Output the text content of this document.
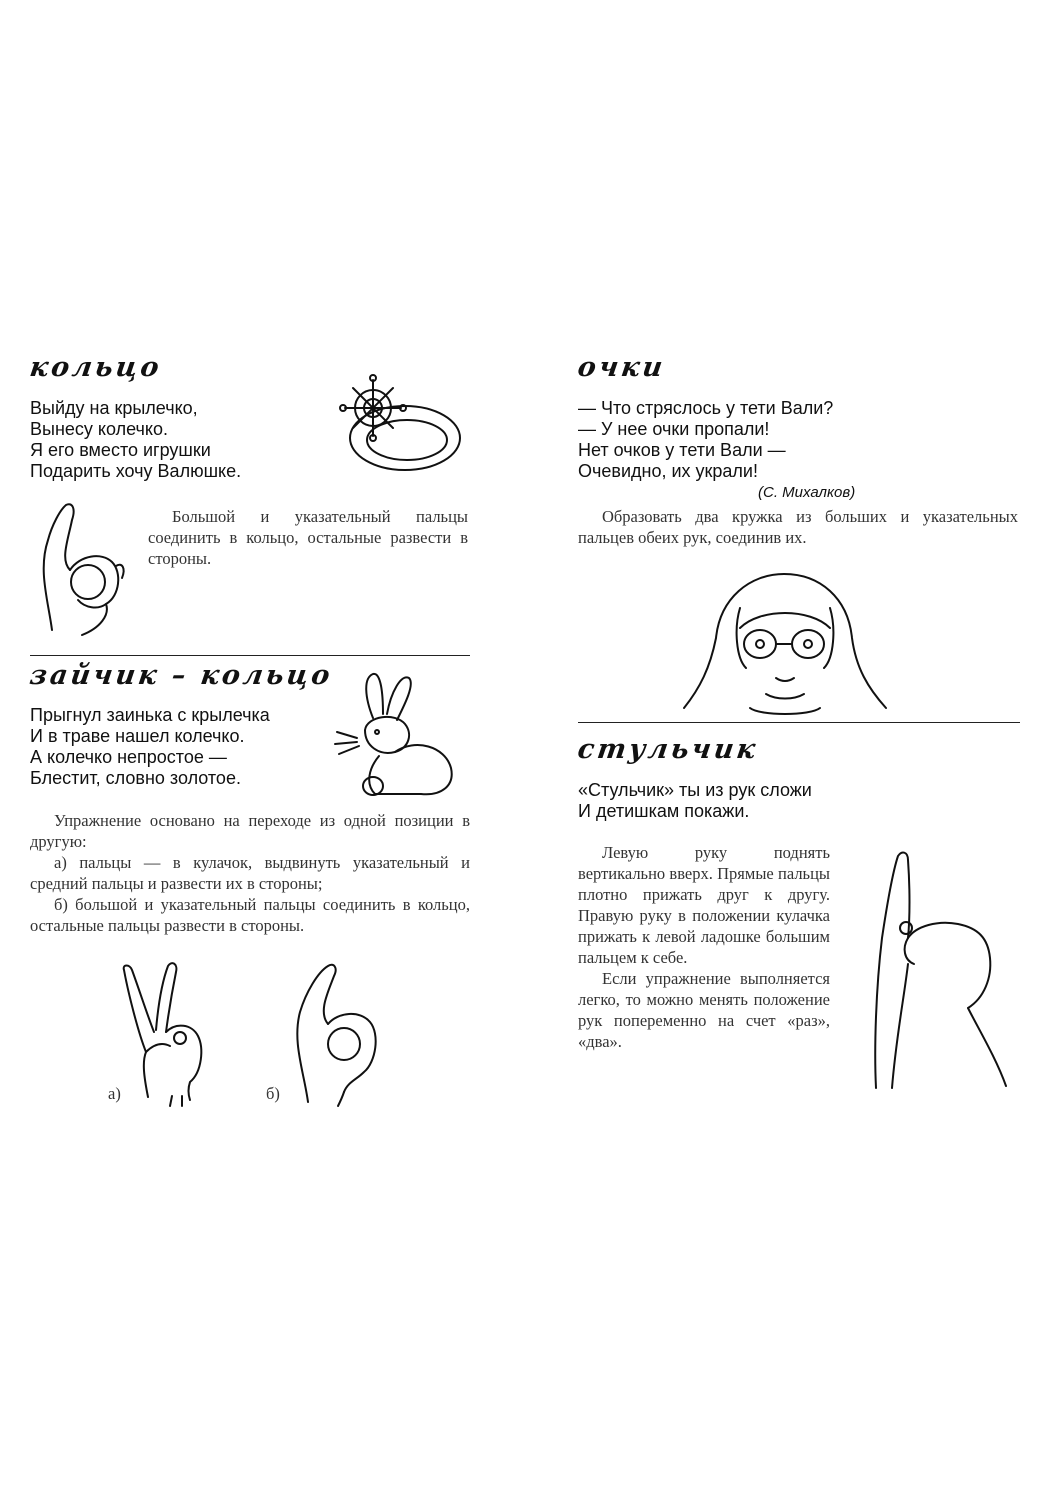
кольцо
Выйду на крылечко,
Вынесу колечко.
Я его вместо игрушки
Подарить хочу Валюшке.

Большой и указательный пальцы соединить в кольцо, остальные развести в стороны.

зайчик – кольцо
Прыгнул заинька с крылечка
И в траве нашел колечко.
А колечко непростое —
Блестит, словно золотое.

Упражнение основано на переходе из одной позиции в другую:

а) пальцы — в кулачок, выдвинуть указательный и средний пальцы и развести их в стороны;

б) большой и указательный пальцы соединить в кольцо, остальные пальцы развести в стороны.

а)	б)
очки
— Что стряслось у тети Вали?
— У нее очки пропали!
Нет очков у тети Вали —
Очевидно, их украли!
(С. Михалков)

Образовать два кружка из больших и указательных пальцев обеих рук, соединив их.

стульчик
«Стульчик» ты из рук сложи
И детишкам покажи.

Левую руку поднять вертикально вверх. Прямые пальцы плотно прижать друг к другу. Правую руку в положении кулачка прижать к левой ладошке большим пальцем к себе.

Если упражнение выполняется легко, то можно менять положение рук попеременно на счет «раз», «два».
